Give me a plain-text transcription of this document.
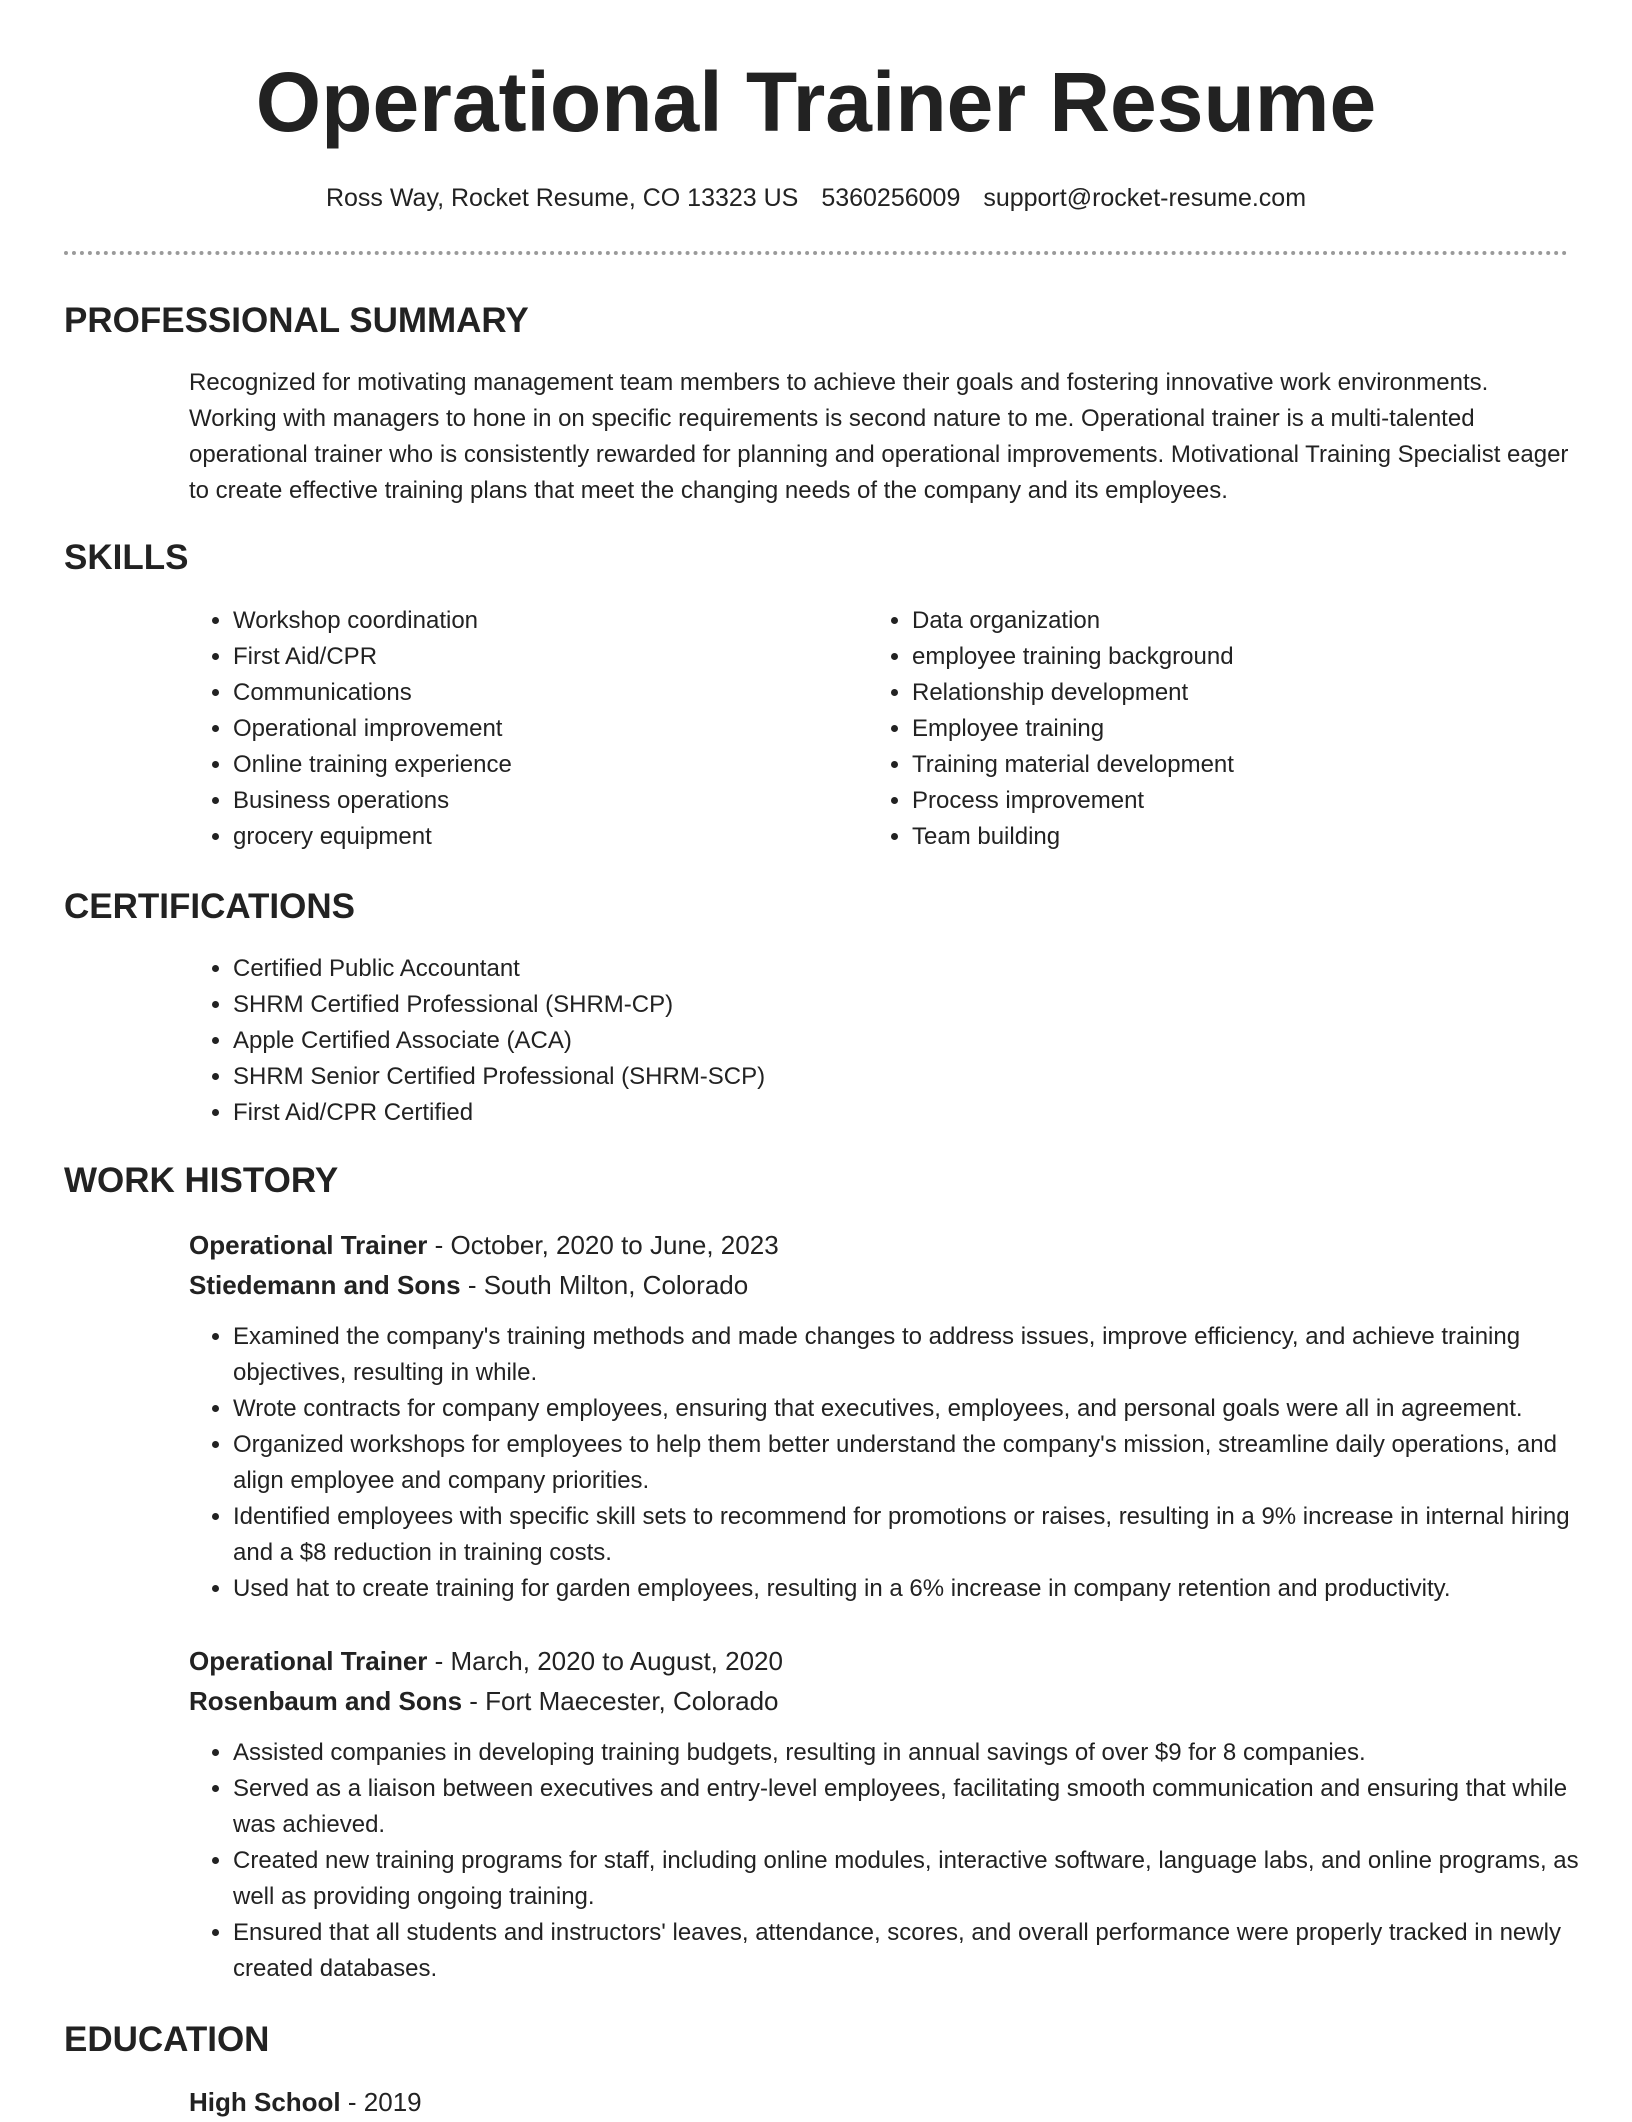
Operational Trainer Resume
Ross Way, Rocket Resume, CO 13323 US 5360256009 support@rocket-resume.com
PROFESSIONAL SUMMARY

Recognized for motivating management team members to achieve their goals and fostering innovative work environments. Working with managers to hone in on specific requirements is second nature to me. Operational trainer is a multi-talented operational trainer who is consistently rewarded for planning and operational improvements. Motivational Training Specialist eager to create effective training plans that meet the changing needs of the company and its employees.

SKILLS
• Workshop coordination
• First Aid/CPR
• Communications
• Operational improvement
• Online training experience
• Business operations
• grocery equipment
• Data organization
• employee training background
• Relationship development
• Employee training
• Training material development
• Process improvement
• Team building
CERTIFICATIONS
• Certified Public Accountant
• SHRM Certified Professional (SHRM-CP)
• Apple Certified Associate (ACA)
• SHRM Senior Certified Professional (SHRM-SCP)
• First Aid/CPR Certified
WORK HISTORY
Operational Trainer - October, 2020 to June, 2023
Stiedemann and Sons - South Milton, Colorado
• Examined the company's training methods and made changes to address issues, improve efficiency, and achieve training objectives, resulting in while.
• Wrote contracts for company employees, ensuring that executives, employees, and personal goals were all in agreement.
• Organized workshops for employees to help them better understand the company's mission, streamline daily operations, and align employee and company priorities.
• Identified employees with specific skill sets to recommend for promotions or raises, resulting in a 9% increase in internal hiring and a $8 reduction in training costs.
• Used hat to create training for garden employees, resulting in a 6% increase in company retention and productivity.
Operational Trainer - March, 2020 to August, 2020
Rosenbaum and Sons - Fort Maecester, Colorado
• Assisted companies in developing training budgets, resulting in annual savings of over $9 for 8 companies.
• Served as a liaison between executives and entry-level employees, facilitating smooth communication and ensuring that while was achieved.
• Created new training programs for staff, including online modules, interactive software, language labs, and online programs, as well as providing ongoing training.
• Ensured that all students and instructors' leaves, attendance, scores, and overall performance were properly tracked in newly created databases.
EDUCATION
High School - 2019
